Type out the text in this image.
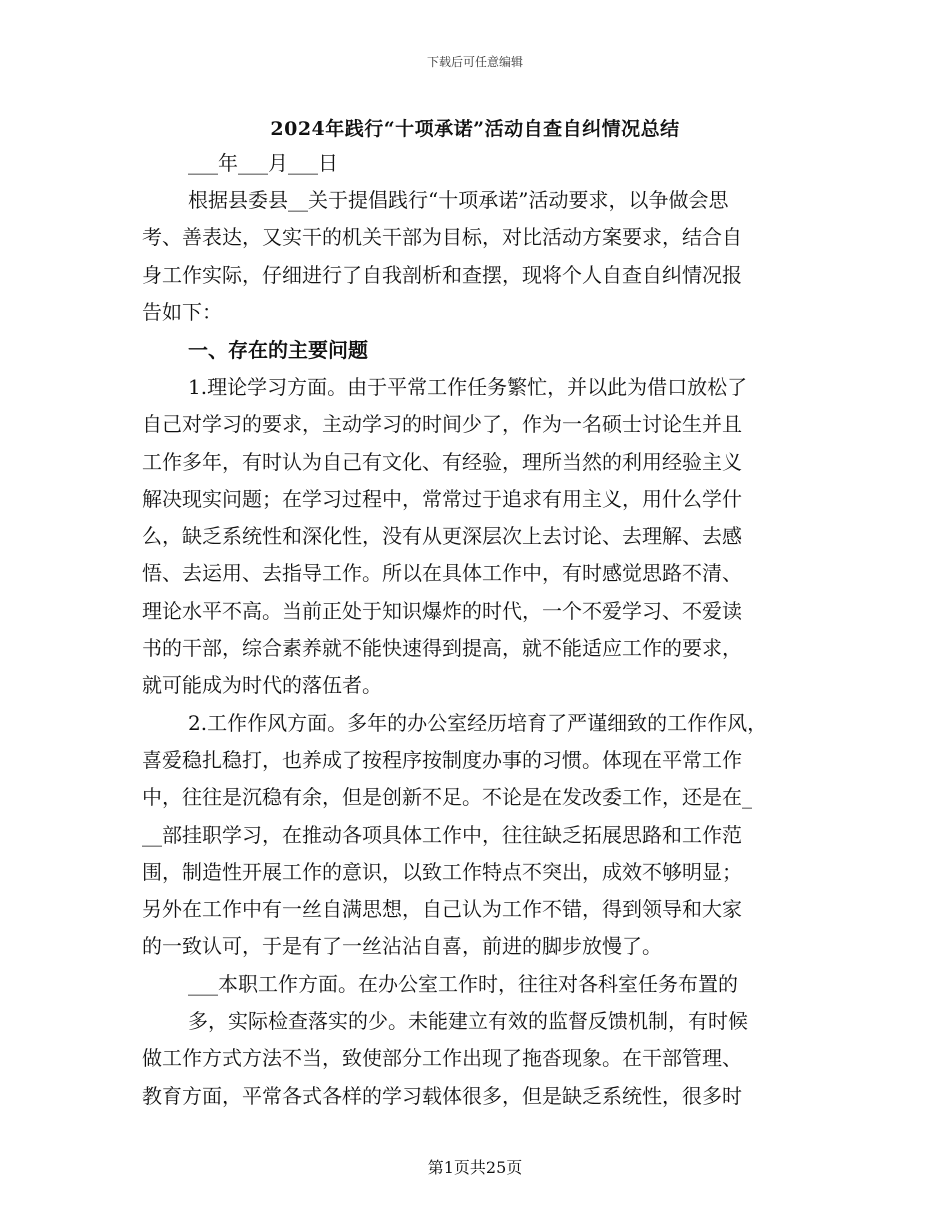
下载后可任意编辑
2024年践行“十项承诺”活动自查自纠情况总结
___年___月___日
根据县委县__关于提倡践行“十项承诺”活动要求，以争做会思
考、善表达，又实干的机关干部为目标，对比活动方案要求，结合自
身工作实际，仔细进行了自我剖析和查摆，现将个人自查自纠情况报
告如下：
一、存在的主要问题
1.理论学习方面。由于平常工作任务繁忙，并以此为借口放松了
自己对学习的要求，主动学习的时间少了，作为一名硕士讨论生并且
工作多年，有时认为自己有文化、有经验，理所当然的利用经验主义
解决现实问题；在学习过程中，常常过于追求有用主义，用什么学什
么，缺乏系统性和深化性，没有从更深层次上去讨论、去理解、去感
悟、去运用、去指导工作。所以在具体工作中，有时感觉思路不清、
理论水平不高。当前正处于知识爆炸的时代，一个不爱学习、不爱读
书的干部，综合素养就不能快速得到提高，就不能适应工作的要求，
就可能成为时代的落伍者。
2.工作作风方面。多年的办公室经历培育了严谨细致的工作作风，
喜爱稳扎稳打，也养成了按程序按制度办事的习惯。体现在平常工作
中，往往是沉稳有余，但是创新不足。不论是在发改委工作，还是在_
__部挂职学习，在推动各项具体工作中，往往缺乏拓展思路和工作范
围，制造性开展工作的意识，以致工作特点不突出，成效不够明显；
另外在工作中有一丝自满思想，自己认为工作不错，得到领导和大家
的一致认可，于是有了一丝沾沾自喜，前进的脚步放慢了。
___本职工作方面。在办公室工作时，往往对各科室任务布置的
多，实际检查落实的少。未能建立有效的监督反馈机制，有时候
做工作方式方法不当，致使部分工作出现了拖沓现象。在干部管理、
教育方面，平常各式各样的学习载体很多，但是缺乏系统性，很多时
第1页共25页
